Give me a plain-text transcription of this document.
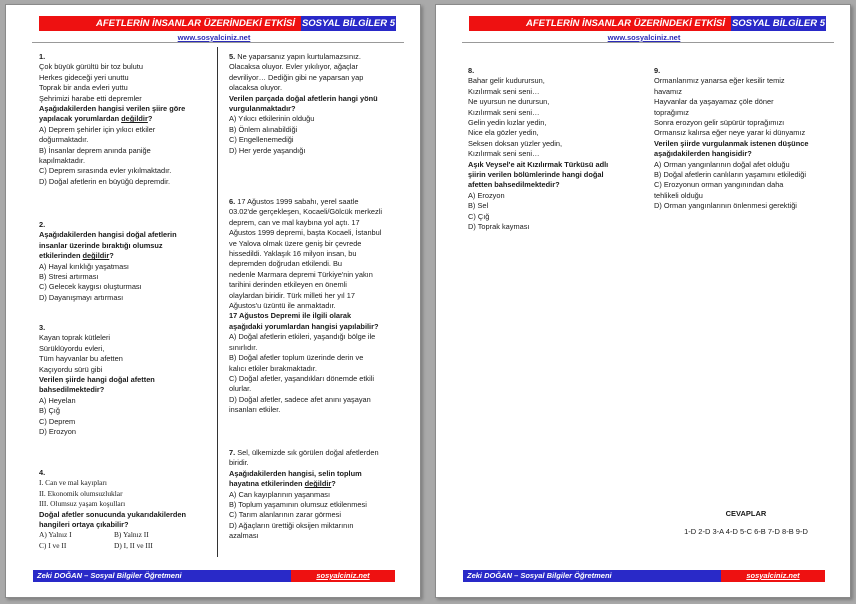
AFETLERİN İNSANLAR ÜZERİNDEKİ ETKİSİ SOSYAL BİLGİLER 5
www.sosyalciniz.net
1.
Çok büyük gürültü bir toz bulutu
Herkes gideceği yeri unuttu
Toprak bir anda evleri yuttu
Şehrimizi harabe etti depremler
Aşağıdakilerden hangisi verilen şiire göre
yapılacak yorumlardan değildir?
A) Deprem şehirler için yıkıcı etkiler
doğurmaktadır.
B) İnsanlar deprem anında paniğe
kapılmaktadır.
C) Deprem sırasında evler yıkılmaktadır.
D) Doğal afetlerin en büyüğü depremdir.
2.
Aşağıdakilerden hangisi doğal afetlerin
insanlar üzerinde bıraktığı olumsuz
etkilerinden değildir?
A) Hayal kırıklığı yaşatması
B) Stresi artırması
C) Gelecek kaygısı oluşturması
D) Dayanışmayı artırması
3.
Kayan toprak kütleleri
Sürüklüyordu evleri,
Tüm hayvanlar bu afetten
Kaçıyordu sürü gibi
Verilen şiirde hangi doğal afetten
bahsedilmektedir?
A) Heyelan
B) Çığ
C) Deprem
D) Erozyon
4.
I. Can ve mal kayıpları
II. Ekonomik olumsuzluklar
III. Olumsuz yaşam koşulları
Doğal afetler sonucunda yukarıdakilerden
hangileri ortaya çıkabilir?
A) Yalnız I	B) Yalnız II
C) I ve II	D) I, II ve III
5. Ne yaparsanız yapın kurtulamazsınız.
Olacaksa oluyor. Evler yıkılıyor, ağaçlar
devriliyor… Dediğin gibi ne yaparsan yap
olacaksa oluyor.
Verilen parçada doğal afetlerin hangi yönü
vurgulanmaktadır?
A) Yıkıcı etkilerinin olduğu
B) Önlem alınabildiği
C) Engellenemediği
D) Her yerde yaşandığı
6. 17 Ağustos 1999 sabahı, yerel saatle
03.02'de gerçekleşen, Kocaeli/Gölcük merkezli
deprem, can ve mal kaybına yol açtı. 17
Ağustos 1999 depremi, başta Kocaeli, İstanbul
ve Yalova olmak üzere geniş bir çevrede
hissedildi. Yaklaşık 16 milyon insan, bu
depremden doğrudan etkilendi. Bu
nedenle Marmara depremi Türkiye'nin yakın
tarihini derinden etkileyen en önemli
olaylardan biridir. Türk milleti her yıl 17
Ağustos'u üzüntü ile anmaktadır.
17 Ağustos Depremi ile ilgili olarak
aşağıdaki yorumlardan hangisi yapılabilir?
A) Doğal afetlerin etkileri, yaşandığı bölge ile
sınırlıdır.
B) Doğal afetler toplum üzerinde derin ve
kalıcı etkiler bırakmaktadır.
C) Doğal afetler, yaşandıkları dönemde etkili
olurlar.
D) Doğal afetler, sadece afet anını yaşayan
insanları etkiler.
7. Sel, ülkemizde sık görülen doğal afetlerden
biridir.
Aşağıdakilerden hangisi, selin toplum
hayatına etkilerinden değildir?
A) Can kayıplarının yaşanması
B) Toplum yaşamının olumsuz etkilenmesi
C) Tarım alanlarının zarar görmesi
D) Ağaçların ürettiği oksijen miktarının
azalması
Zeki DOĞAN – Sosyal Bilgiler Öğretmeni	sosyalciniz.net
AFETLERİN İNSANLAR ÜZERİNDEKİ ETKİSİ SOSYAL BİLGİLER 5
www.sosyalciniz.net
8.
Bahar gelir kudurursun,
Kızılırmak seni seni…
Ne uyursun ne durursun,
Kızılırmak seni seni…
Gelin yedin kızlar yedin,
Nice ela gözler yedin,
Seksen doksan yüzler yedin,
Kızılırmak seni seni…
Aşık Veysel'e ait Kızılırmak Türküsü adlı
şiirin verilen bölümlerinde hangi doğal
afetten bahsedilmektedir?
A) Erozyon
B) Sel
C) Çığ
D) Toprak kayması
9.
Ormanlarımız yanarsa eğer kesilir temiz
havamız
Hayvanlar da yaşayamaz çöle döner
toprağımız
Sonra erozyon gelir süpürür toprağımızı
Ormansız kalırsa eğer neye yarar ki dünyamız
Verilen şiirde vurgulanmak istenen düşünce
aşağıdakilerden hangisidir?
A) Orman yangınlarının doğal afet olduğu
B) Doğal afetlerin canlıların yaşamını etkilediği
C) Erozyonun orman yangınından daha
tehlikeli olduğu
D) Orman yangınlarının önlenmesi gerektiği
CEVAPLAR
1-D 2-D 3-A 4-D 5-C 6-B 7-D 8-B 9-D
Zeki DOĞAN – Sosyal Bilgiler Öğretmeni	sosyalciniz.net
